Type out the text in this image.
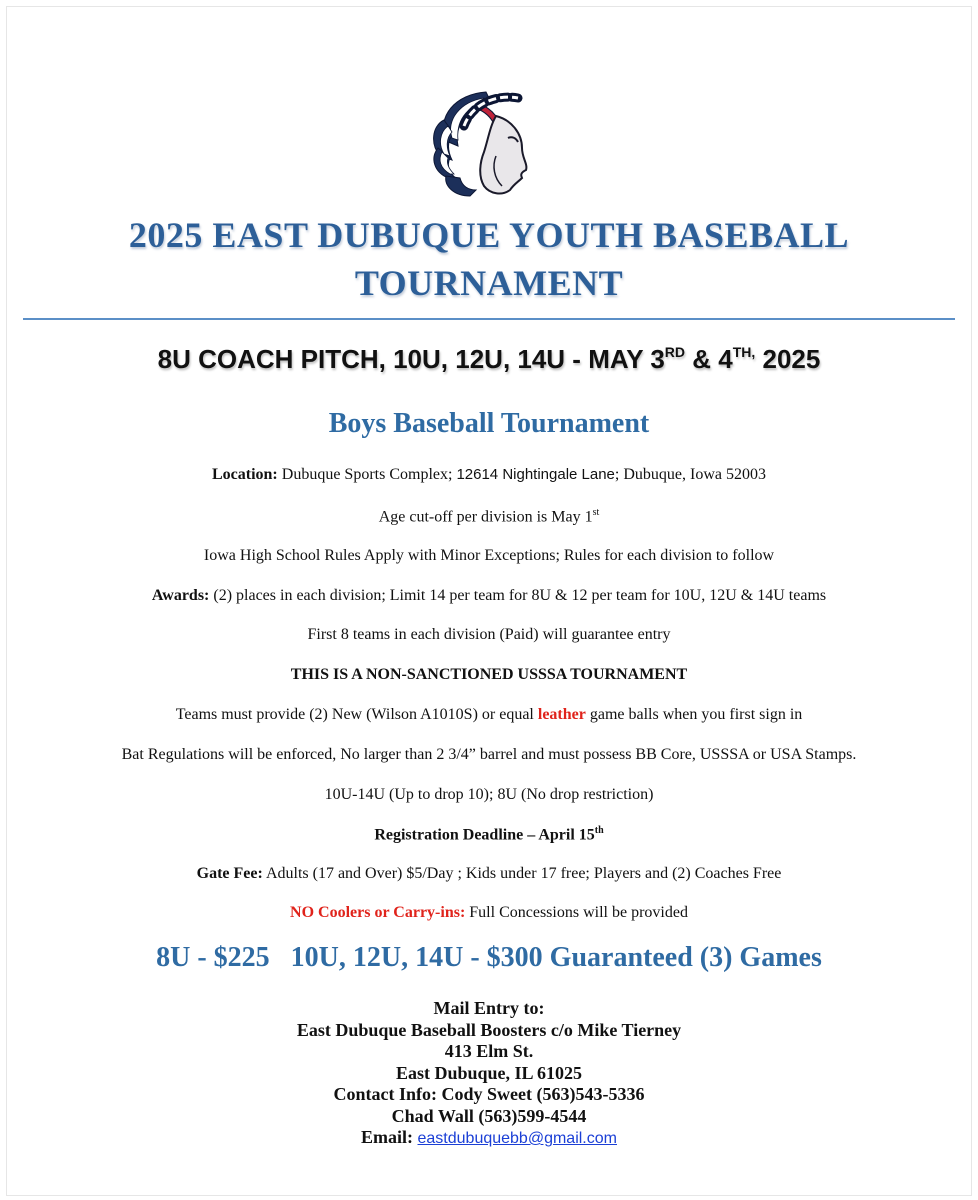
2025 EAST DUBUQUE YOUTH BASEBALL
TOURNAMENT
8U COACH PITCH, 10U, 12U, 14U - MAY 3RD & $4^{TH,}$ 2025
Boys Baseball Tournament
Location: Dubuque Sports Complex; 12614 Nightingale Lane; Dubuque, Iowa 52003
Age cut-off per division is May 1st
Iowa High School Rules Apply with Minor Exceptions; Rules for each division to follow
Awards: (2) places in each division; Limit 14 per team for 8U & 12 per team for 10U, 12U & 14U teams
First 8 teams in each division (Paid) will guarantee entry
THIS IS A NON-SANCTIONED USSSA TOURNAMENT
Teams must provide (2) New (Wilson A1010S) or equal leather game balls when you first sign in
Bat Regulations will be enforced, No larger than 2 3/4” barrel and must possess BB Core, USSSA or USA Stamps.
10U-14U (Up to drop 10); 8U (No drop restriction)
Registration Deadline – April 15th
Gate Fee: Adults (17 and Over) $5/Day ; Kids under 17 free; Players and (2) Coaches Free
NO Coolers or Carry-ins: Full Concessions will be provided
8U - $225   10U, 12U, 14U - $300 Guaranteed (3) Games
Mail Entry to:
East Dubuque Baseball Boosters c/o Mike Tierney
413 Elm St.
East Dubuque, IL 61025
Contact Info: Cody Sweet (563)543-5336
Chad Wall (563)599-4544
Email: eastdubuquebb@gmail.com
